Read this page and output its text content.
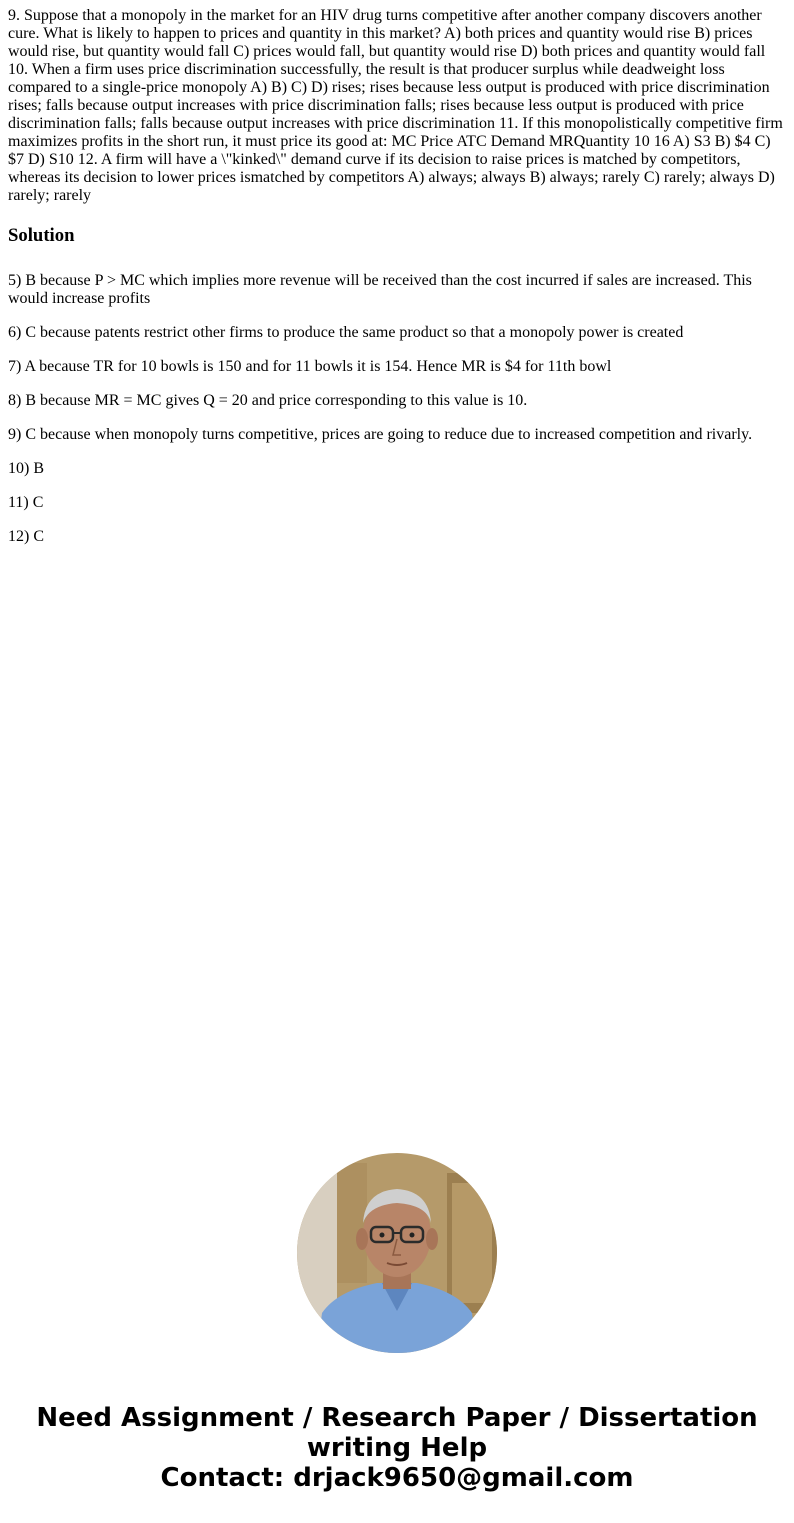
9. Suppose that a monopoly in the market for an HIV drug turns competitive after another company discovers another cure. What is likely to happen to prices and quantity in this market? A) both prices and quantity would rise B) prices would rise, but quantity would fall C) prices would fall, but quantity would rise D) both prices and quantity would fall 10. When a firm uses price discrimination successfully, the result is that producer surplus while deadweight loss compared to a single-price monopoly A) B) C) D) rises; rises because less output is produced with price discrimination rises; falls because output increases with price discrimination falls; rises because less output is produced with price discrimination falls; falls because output increases with price discrimination 11. If this monopolistically competitive firm maximizes profits in the short run, it must price its good at: MC Price ATC Demand MRQuantity 10 16 A) S3 B) $4 C) $7 D) S10 12. A firm will have a \"kinked\" demand curve if its decision to raise prices is matched by competitors, whereas its decision to lower prices ismatched by competitors A) always; always B) always; rarely C) rarely; always D) rarely; rarely

Solution

5) B because P > MC which implies more revenue will be received than the cost incurred if sales are increased. This would increase profits

6) C because patents restrict other firms to produce the same product so that a monopoly power is created

7) A because TR for 10 bowls is 150 and for 11 bowls it is 154. Hence MR is $4 for 11th bowl

8) B because MR = MC gives Q = 20 and price corresponding to this value is 10.

9) C because when monopoly turns competitive, prices are going to reduce due to increased competition and rivarly.

10) B

11) C

12) C

Need Assignment / Research Paper / Dissertation
writing Help
Contact: drjack9650@gmail.com
